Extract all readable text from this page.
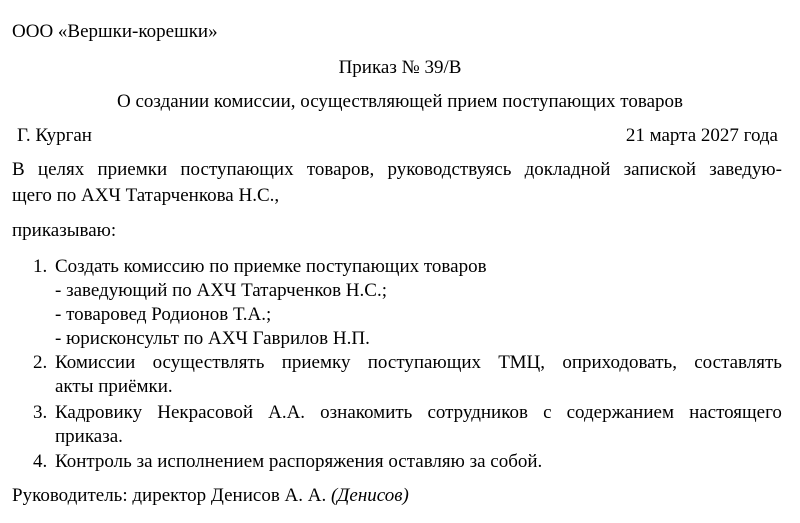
ООО «Вершки-корешки»
Приказ № 39/В
О создании комиссии, осуществляющей прием поступающих товаров
Г. Курган	21 марта 2027 года
В целях приемки поступающих товаров, руководствуясь докладной запиской заведую-
щего по АХЧ Татарченкова Н.С.,
приказываю:
1. Создать комиссию по приемке поступающих товаров
- заведующий по АХЧ Татарченков Н.С.;
- товаровед Родионов Т.А.;
- юрисконсульт по АХЧ Гаврилов Н.П.
2. Комиссии осуществлять приемку поступающих ТМЦ, оприходовать, составлять
акты приёмки.
3. Кадровику Некрасовой А.А. ознакомить сотрудников с содержанием настоящего
приказа.
4. Контроль за исполнением распоряжения оставляю за собой.
Руководитель: директор Денисов А. А. (Денисов)
